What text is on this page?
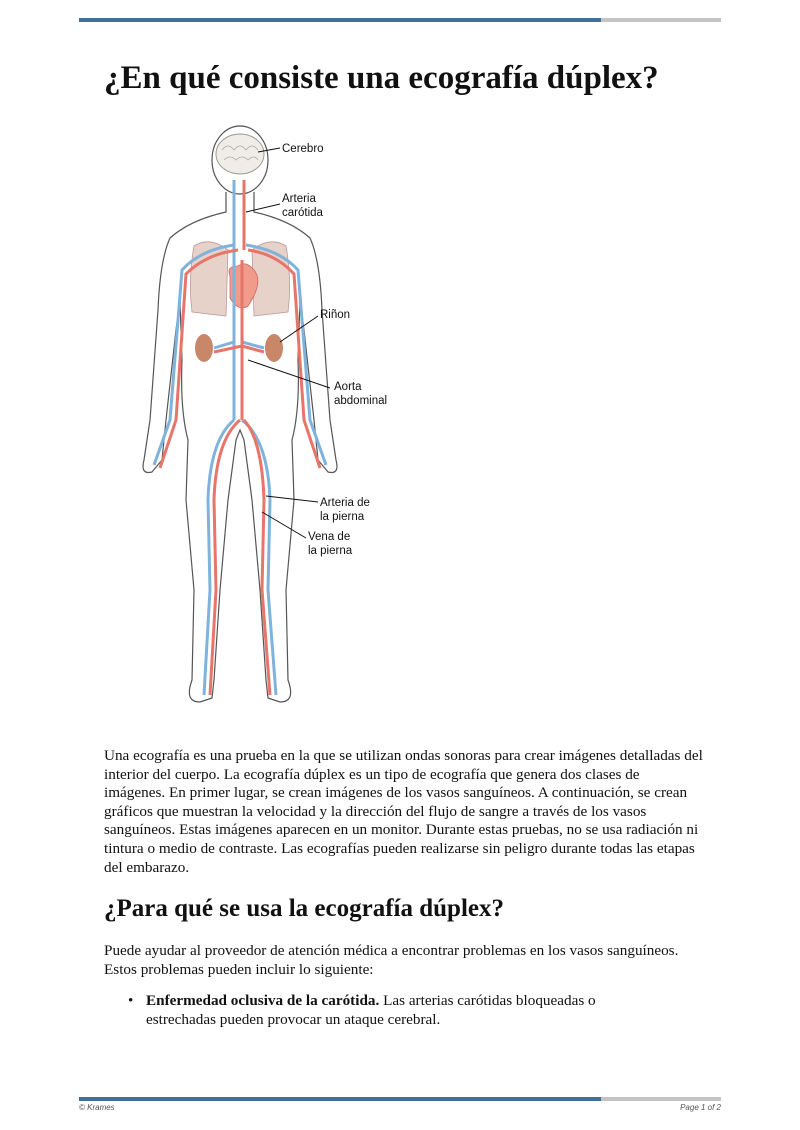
¿En qué consiste una ecografía dúplex?
Cerebro
Arteria
carótida
Riñon
Aorta
abdominal
Arteria de
la pierna
Vena de
la pierna

Una ecografía es una prueba en la que se utilizan ondas sonoras para crear imágenes detalladas del interior del cuerpo. La ecografía dúplex es un tipo de ecografía que genera dos clases de imágenes. En primer lugar, se crean imágenes de los vasos sanguíneos. A continuación, se crean gráficos que muestran la velocidad y la dirección del flujo de sangre a través de los vasos sanguíneos. Estas imágenes aparecen en un monitor. Durante estas pruebas, no se usa radiación ni tintura o medio de contraste. Las ecografías pueden realizarse sin peligro durante todas las etapas del embarazo.

¿Para qué se usa la ecografía dúplex?

Puede ayudar al proveedor de atención médica a encontrar problemas en los vasos sanguíneos. Estos problemas pueden incluir lo siguiente:

• Enfermedad oclusiva de la carótida. Las arterias carótidas bloqueadas o estrechadas pueden provocar un ataque cerebral.
© Krames	Page 1 of 2
